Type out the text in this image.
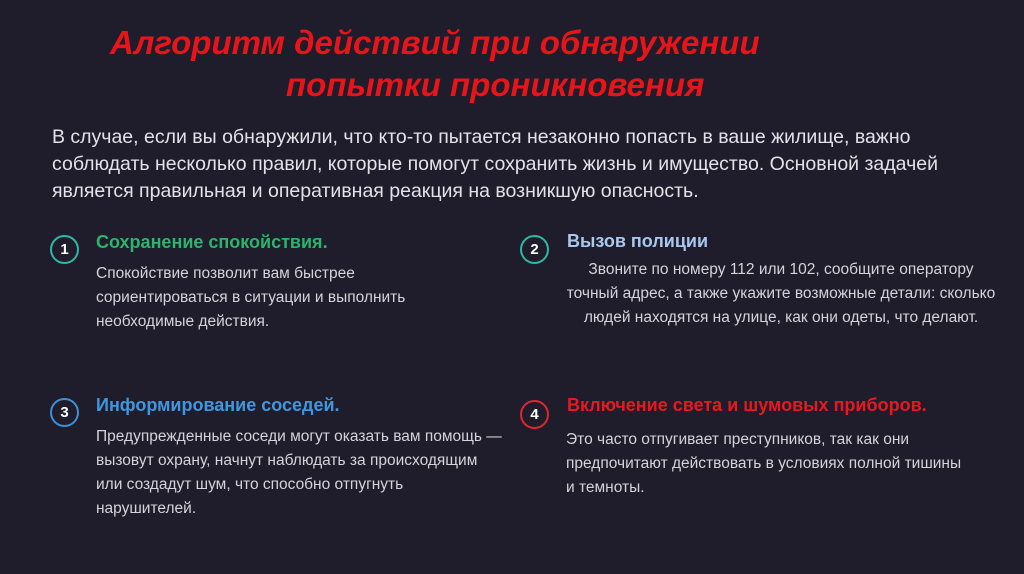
Алгоритм действий при обнаружении
попытки проникновения
В случае, если вы обнаружили, что кто-то пытается незаконно попасть в ваше жилище, важно соблюдать несколько правил, которые помогут сохранить жизнь и имущество. Основной задачей является правильная и оперативная реакция на возникшую опасность.
1	Сохранение спокойствия.
Спокойствие позволит вам быстрее сориентироваться в ситуации и выполнить необходимые действия.
2	Вызов полиции
Звоните по номеру 112 или 102, сообщите оператору точный адрес, а также укажите возможные детали: сколько людей находятся на улице, как они одеты, что делают.
3	Информирование соседей.
Предупрежденные соседи могут оказать вам помощь — вызовут охрану, начнут наблюдать за происходящим или создадут шум, что способно отпугнуть нарушителей.
4	Включение света и шумовых приборов.
Это часто отпугивает преступников, так как они предпочитают действовать в условиях полной тишины и темноты.
